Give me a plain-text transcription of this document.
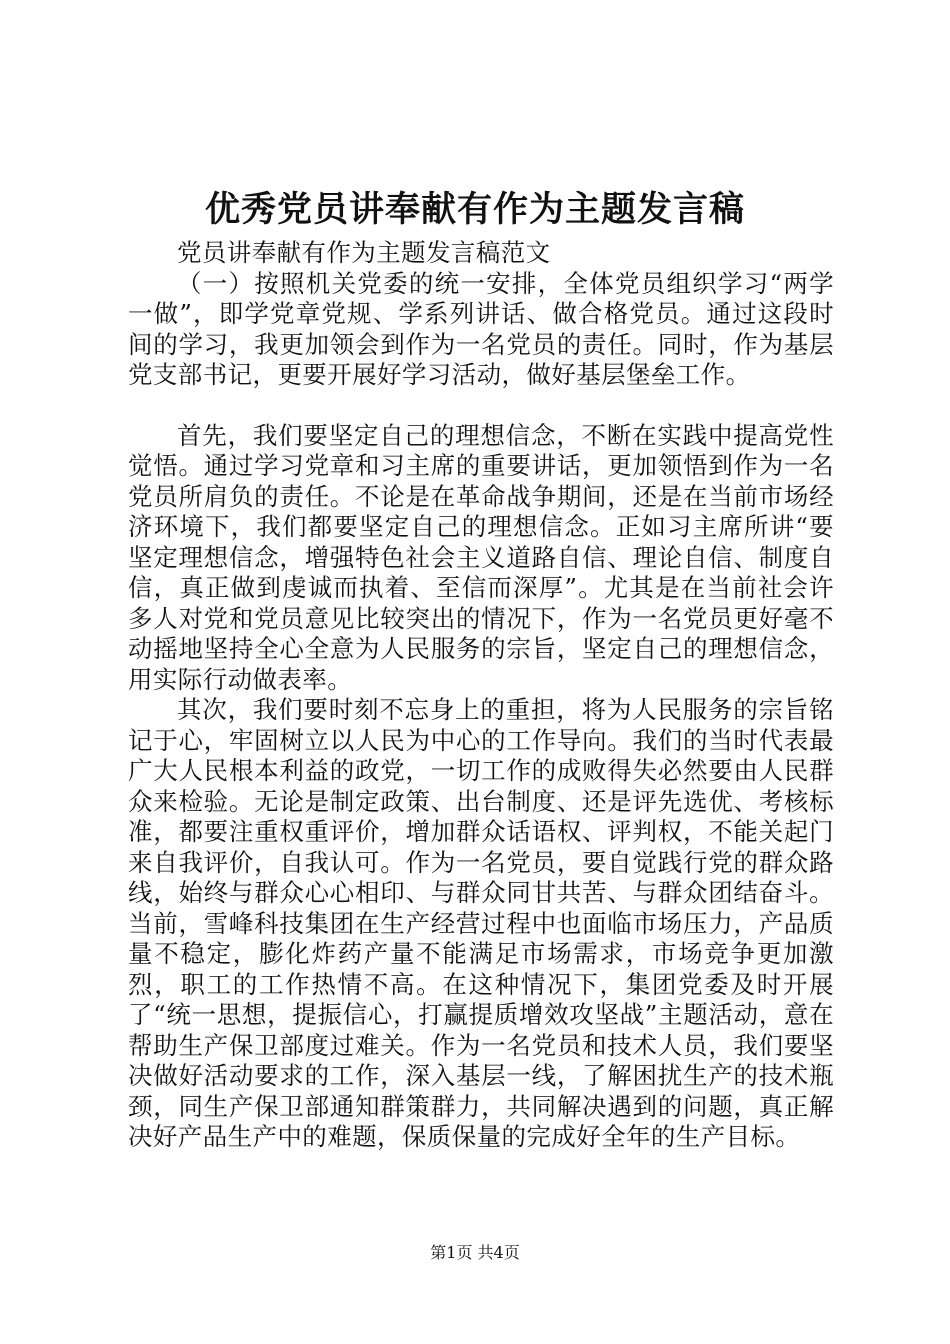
优秀党员讲奉献有作为主题发言稿

党员讲奉献有作为主题发言稿范文

（一）按照机关党委的统一安排，全体党员组织学习“两学一做”，即学党章党规、学系列讲话、做合格党员。通过这段时间的学习，我更加领会到作为一名党员的责任。同时，作为基层党支部书记，更要开展好学习活动，做好基层堡垒工作。

首先，我们要坚定自己的理想信念，不断在实践中提高党性觉悟。通过学习党章和习主席的重要讲话，更加领悟到作为一名党员所肩负的责任。不论是在革命战争期间，还是在当前市场经济环境下，我们都要坚定自己的理想信念。正如习主席所讲“要坚定理想信念，增强特色社会主义道路自信、理论自信、制度自信，真正做到虔诚而执着、至信而深厚”。尤其是在当前社会许多人对党和党员意见比较突出的情况下，作为一名党员更好毫不动摇地坚持全心全意为人民服务的宗旨，坚定自己的理想信念，用实际行动做表率。

其次，我们要时刻不忘身上的重担，将为人民服务的宗旨铭记于心，牢固树立以人民为中心的工作导向。我们的当时代表最广大人民根本利益的政党，一切工作的成败得失必然要由人民群众来检验。无论是制定政策、出台制度、还是评先选优、考核标准，都要注重权重评价，增加群众话语权、评判权，不能关起门来自我评价，自我认可。作为一名党员，要自觉践行党的群众路线，始终与群众心心相印、与群众同甘共苦、与群众团结奋斗。当前，雪峰科技集团在生产经营过程中也面临市场压力，产品质量不稳定，膨化炸药产量不能满足市场需求，市场竞争更加激烈，职工的工作热情不高。在这种情况下，集团党委及时开展了“统一思想，提振信心，打赢提质增效攻坚战”主题活动，意在帮助生产保卫部度过难关。作为一名党员和技术人员，我们要坚决做好活动要求的工作，深入基层一线，了解困扰生产的技术瓶颈，同生产保卫部通知群策群力，共同解决遇到的问题，真正解决好产品生产中的难题，保质保量的完成好全年的生产目标。

第1页 共4页
